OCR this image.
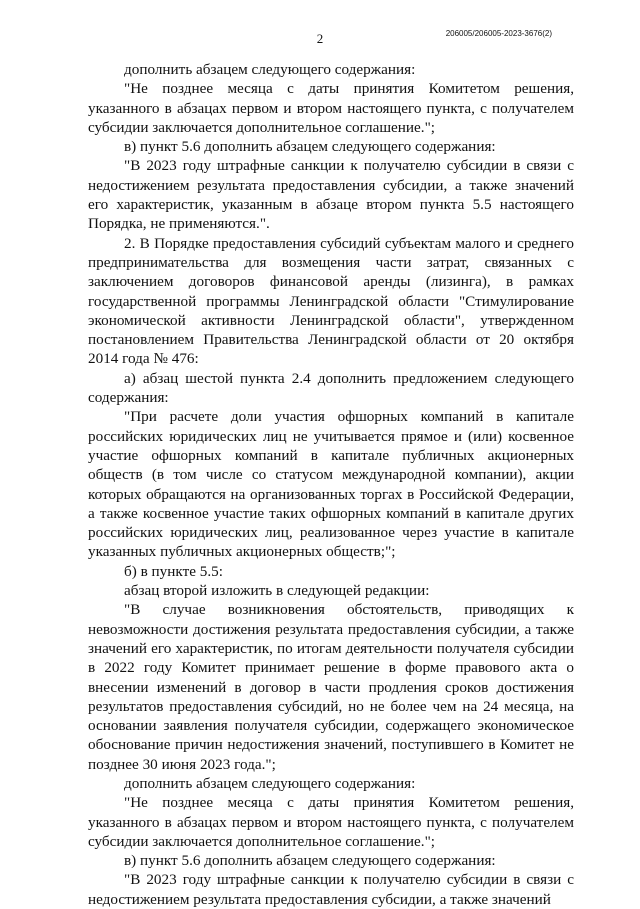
2	206005/206005-2023-3676(2)

дополнить абзацем следующего содержания:

"Не позднее месяца с даты принятия Комитетом решения, указанного в абзацах первом и втором настоящего пункта, с получателем субсидии заключается дополнительное соглашение.";

в) пункт 5.6 дополнить абзацем следующего содержания:

"В 2023 году штрафные санкции к получателю субсидии в связи с недостижением результата предоставления субсидии, а также значений его характеристик, указанным в абзаце втором пункта 5.5 настоящего Порядка, не применяются.".

2. В Порядке предоставления субсидий субъектам малого и среднего предпринимательства для возмещения части затрат, связанных с заключением договоров финансовой аренды (лизинга), в рамках государственной программы Ленинградской области "Стимулирование экономической активности Ленинградской области", утвержденном постановлением Правительства Ленинградской области от 20 октября 2014 года № 476:

а) абзац шестой пункта 2.4 дополнить предложением следующего содержания:

"При расчете доли участия офшорных компаний в капитале российских юридических лиц не учитывается прямое и (или) косвенное участие офшорных компаний в капитале публичных акционерных обществ (в том числе со статусом международной компании), акции которых обращаются на организованных торгах в Российской Федерации, а также косвенное участие таких офшорных компаний в капитале других российских юридических лиц, реализованное через участие в капитале указанных публичных акционерных обществ;";

б) в пункте 5.5:

абзац второй изложить в следующей редакции:

"В случае возникновения обстоятельств, приводящих к невозможности достижения результата предоставления субсидии, а также значений его характеристик, по итогам деятельности получателя субсидии в 2022 году Комитет принимает решение в форме правового акта о внесении изменений в договор в части продления сроков достижения результатов предоставления субсидий, но не более чем на 24 месяца, на основании заявления получателя субсидии, содержащего экономическое обоснование причин недостижения значений, поступившего в Комитет не позднее 30 июня 2023 года.";

дополнить абзацем следующего содержания:

"Не позднее месяца с даты принятия Комитетом решения, указанного в абзацах первом и втором настоящего пункта, с получателем субсидии заключается дополнительное соглашение.";

в) пункт 5.6 дополнить абзацем следующего содержания:

"В 2023 году штрафные санкции к получателю субсидии в связи с недостижением результата предоставления субсидии, а также значений
